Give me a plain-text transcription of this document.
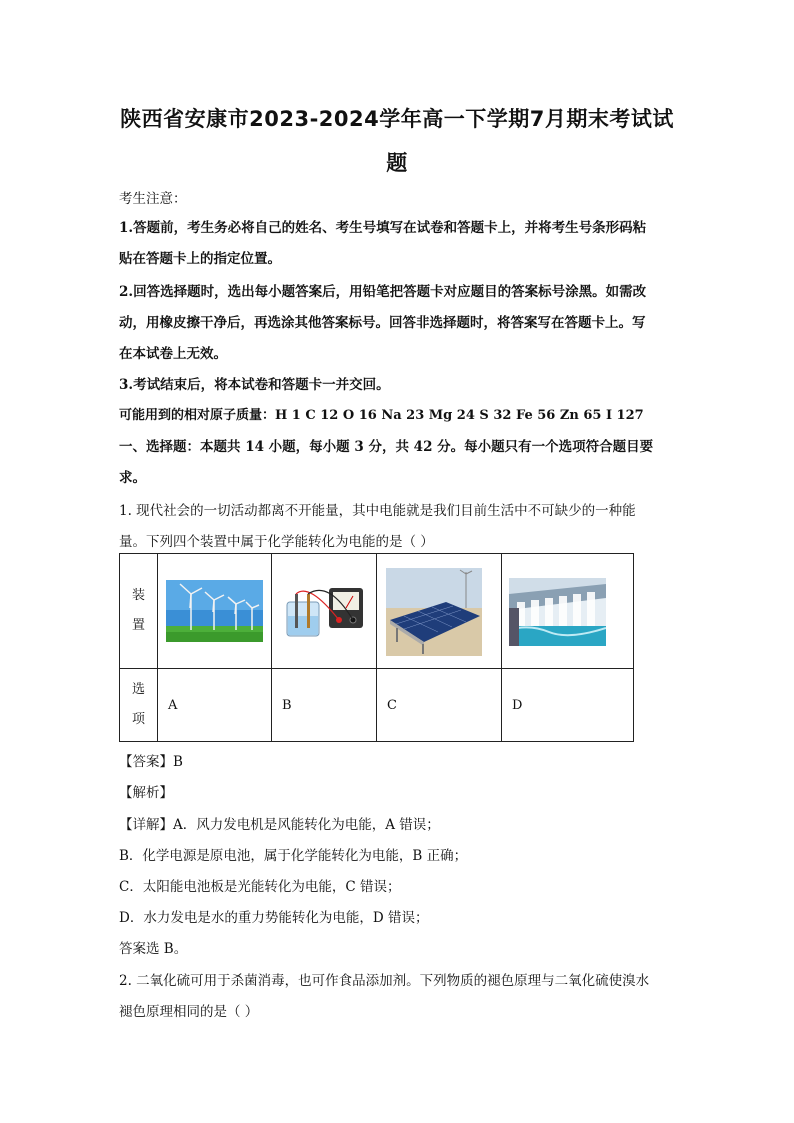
陕西省安康市2023-2024学年高一下学期7月期末考试试
题
考生注意：
1.答题前，考生务必将自己的姓名、考生号填写在试卷和答题卡上，并将考生号条形码粘
贴在答题卡上的指定位置。
2.回答选择题时，选出每小题答案后，用铅笔把答题卡对应题目的答案标号涂黑。如需改
动，用橡皮擦干净后，再选涂其他答案标号。回答非选择题时，将答案写在答题卡上。写
在本试卷上无效。
3.考试结束后，将本试卷和答题卡一并交回。
可能用到的相对原子质量：H 1 C 12 O 16 Na 23 Mg 24 S 32 Fe 56 Zn 65 I 127
一、选择题：本题共 14 小题，每小题 3 分，共 42 分。每小题只有一个选项符合题目要
求。
1. 现代社会的一切活动都离不开能量，其中电能就是我们目前生活中不可缺少的一种能
量。下列四个装置中属于化学能转化为电能的是（ ）
装
置

选
项	A	B	C	D
【答案】B
【解析】
【详解】A．风力发电机是风能转化为电能，A 错误；
B．化学电源是原电池，属于化学能转化为电能，B 正确；
C．太阳能电池板是光能转化为电能，C 错误；
D．水力发电是水的重力势能转化为电能，D 错误；
答案选 B。
2. 二氧化硫可用于杀菌消毒，也可作食品添加剂。下列物质的褪色原理与二氧化硫使溴水
褪色原理相同的是（ ）
